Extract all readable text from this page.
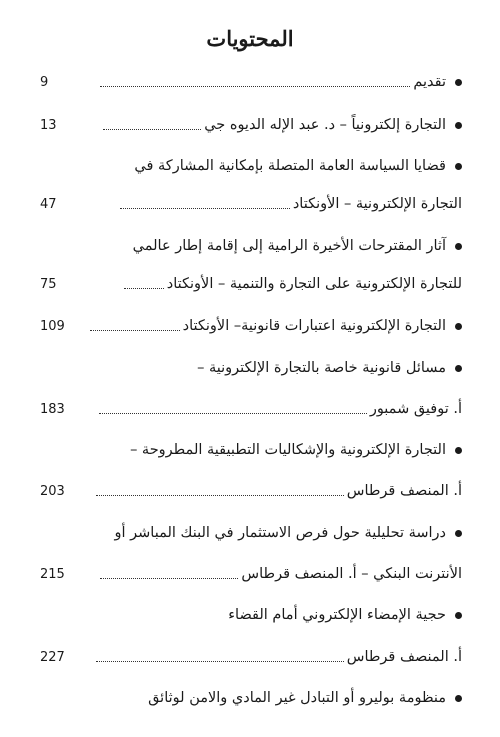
المحتويات
تقديم
9
التجارة إلكترونياً – د. عبد الإله الديوه جي
13
قضايا السياسة العامة المتصلة بإمكانية المشاركة في
التجارة الإلكترونية – الأونكتاد
47
آثار المقترحات الأخيرة الرامية إلى إقامة إطار عالمي
للتجارة الإلكترونية على التجارة والتنمية – الأونكتاد
75
التجارة الإلكترونية اعتبارات قانونية– الأونكتاد
109
مسائل قانونية خاصة بالتجارة الإلكترونية –
أ. توفيق شمبور
183
التجارة الإلكترونية والإشكاليات التطبيقية المطروحة –
أ. المنصف قرطاس
203
دراسة تحليلية حول فرص الاستثمار في البنك المباشر أو
الأنترنت البنكي – أ. المنصف قرطاس
215
حجية الإمضاء الإلكتروني أمام القضاء
أ. المنصف قرطاس
227
منظومة بوليرو أو التبادل غير المادي والامن لوثائق
